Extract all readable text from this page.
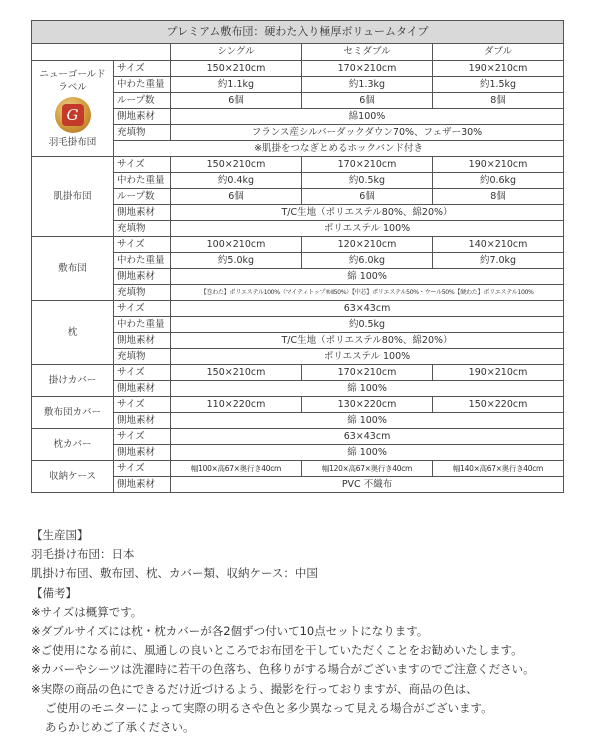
プレミアム敷布団：硬わた入り極厚ボリュームタイプ				
		シングル	セミダブル	ダブル

ニューゴールド
ラベル
G
羽毛掛布団	サイズ	150×210cm	170×210cm	190×210cm
	中わた重量	約1.1kg	約1.3kg	約1.5kg
	ループ数	6個	6個	8個
	側地素材	綿100%		
	充填物	フランス産シルバーダックダウン70%、フェザー30%		
	※肌掛をつなぎとめるホックバンド付き			
肌掛布団	サイズ	150×210cm	170×210cm	190×210cm
	中わた重量	約0.4kg	約0.5kg	約0.6kg
	ループ数	6個	6個	8個
	側地素材	T/C生地（ポリエステル80%、綿20%）		
	充填物	ポリエステル 100%		
敷布団	サイズ	100×210cm	120×210cm	140×210cm
	中わた重量	約5.0kg	約6.0kg	約7.0kg
	側地素材	綿 100%		
	充填物	【巻わた】ポリエステル100%（マイティトップ®Ⅱ50%）【中芯】ポリエステル50%・ウール50%【硬わた】ポリエステル100%		
枕	サイズ	63×43cm		
	中わた重量	約0.5kg		
	側地素材	T/C生地（ポリエステル80%、綿20%）		
	充填物	ポリエステル 100%		
掛けカバー	サイズ	150×210cm	170×210cm	190×210cm
	側地素材	綿 100%		
敷布団カバー	サイズ	110×220cm	130×220cm	150×220cm
	側地素材	綿 100%		
枕カバー	サイズ	63×43cm		
	側地素材	綿 100%		
収納ケース	サイズ	幅100×高67×奥行き40cm	幅120×高67×奥行き40cm	幅140×高67×奥行き40cm
	側地素材	PVC 不織布		
【生産国】
羽毛掛け布団：日本
肌掛け布団、敷布団、枕、カバー類、収納ケース：中国
【備考】
※サイズは概算です。
※ダブルサイズには枕・枕カバーが各2個ずつ付いて10点セットになります。
※ご使用になる前に、風通しの良いところでお布団を干していただくことをお勧めいたします。
※カバーやシーツは洗濯時に若干の色落ち、色移りがする場合がございますのでご注意ください。
※実際の商品の色にできるだけ近づけるよう、撮影を行っておりますが、商品の色は、
ご使用のモニターによって実際の明るさや色と多少異なって見える場合がございます。
あらかじめご了承ください。
